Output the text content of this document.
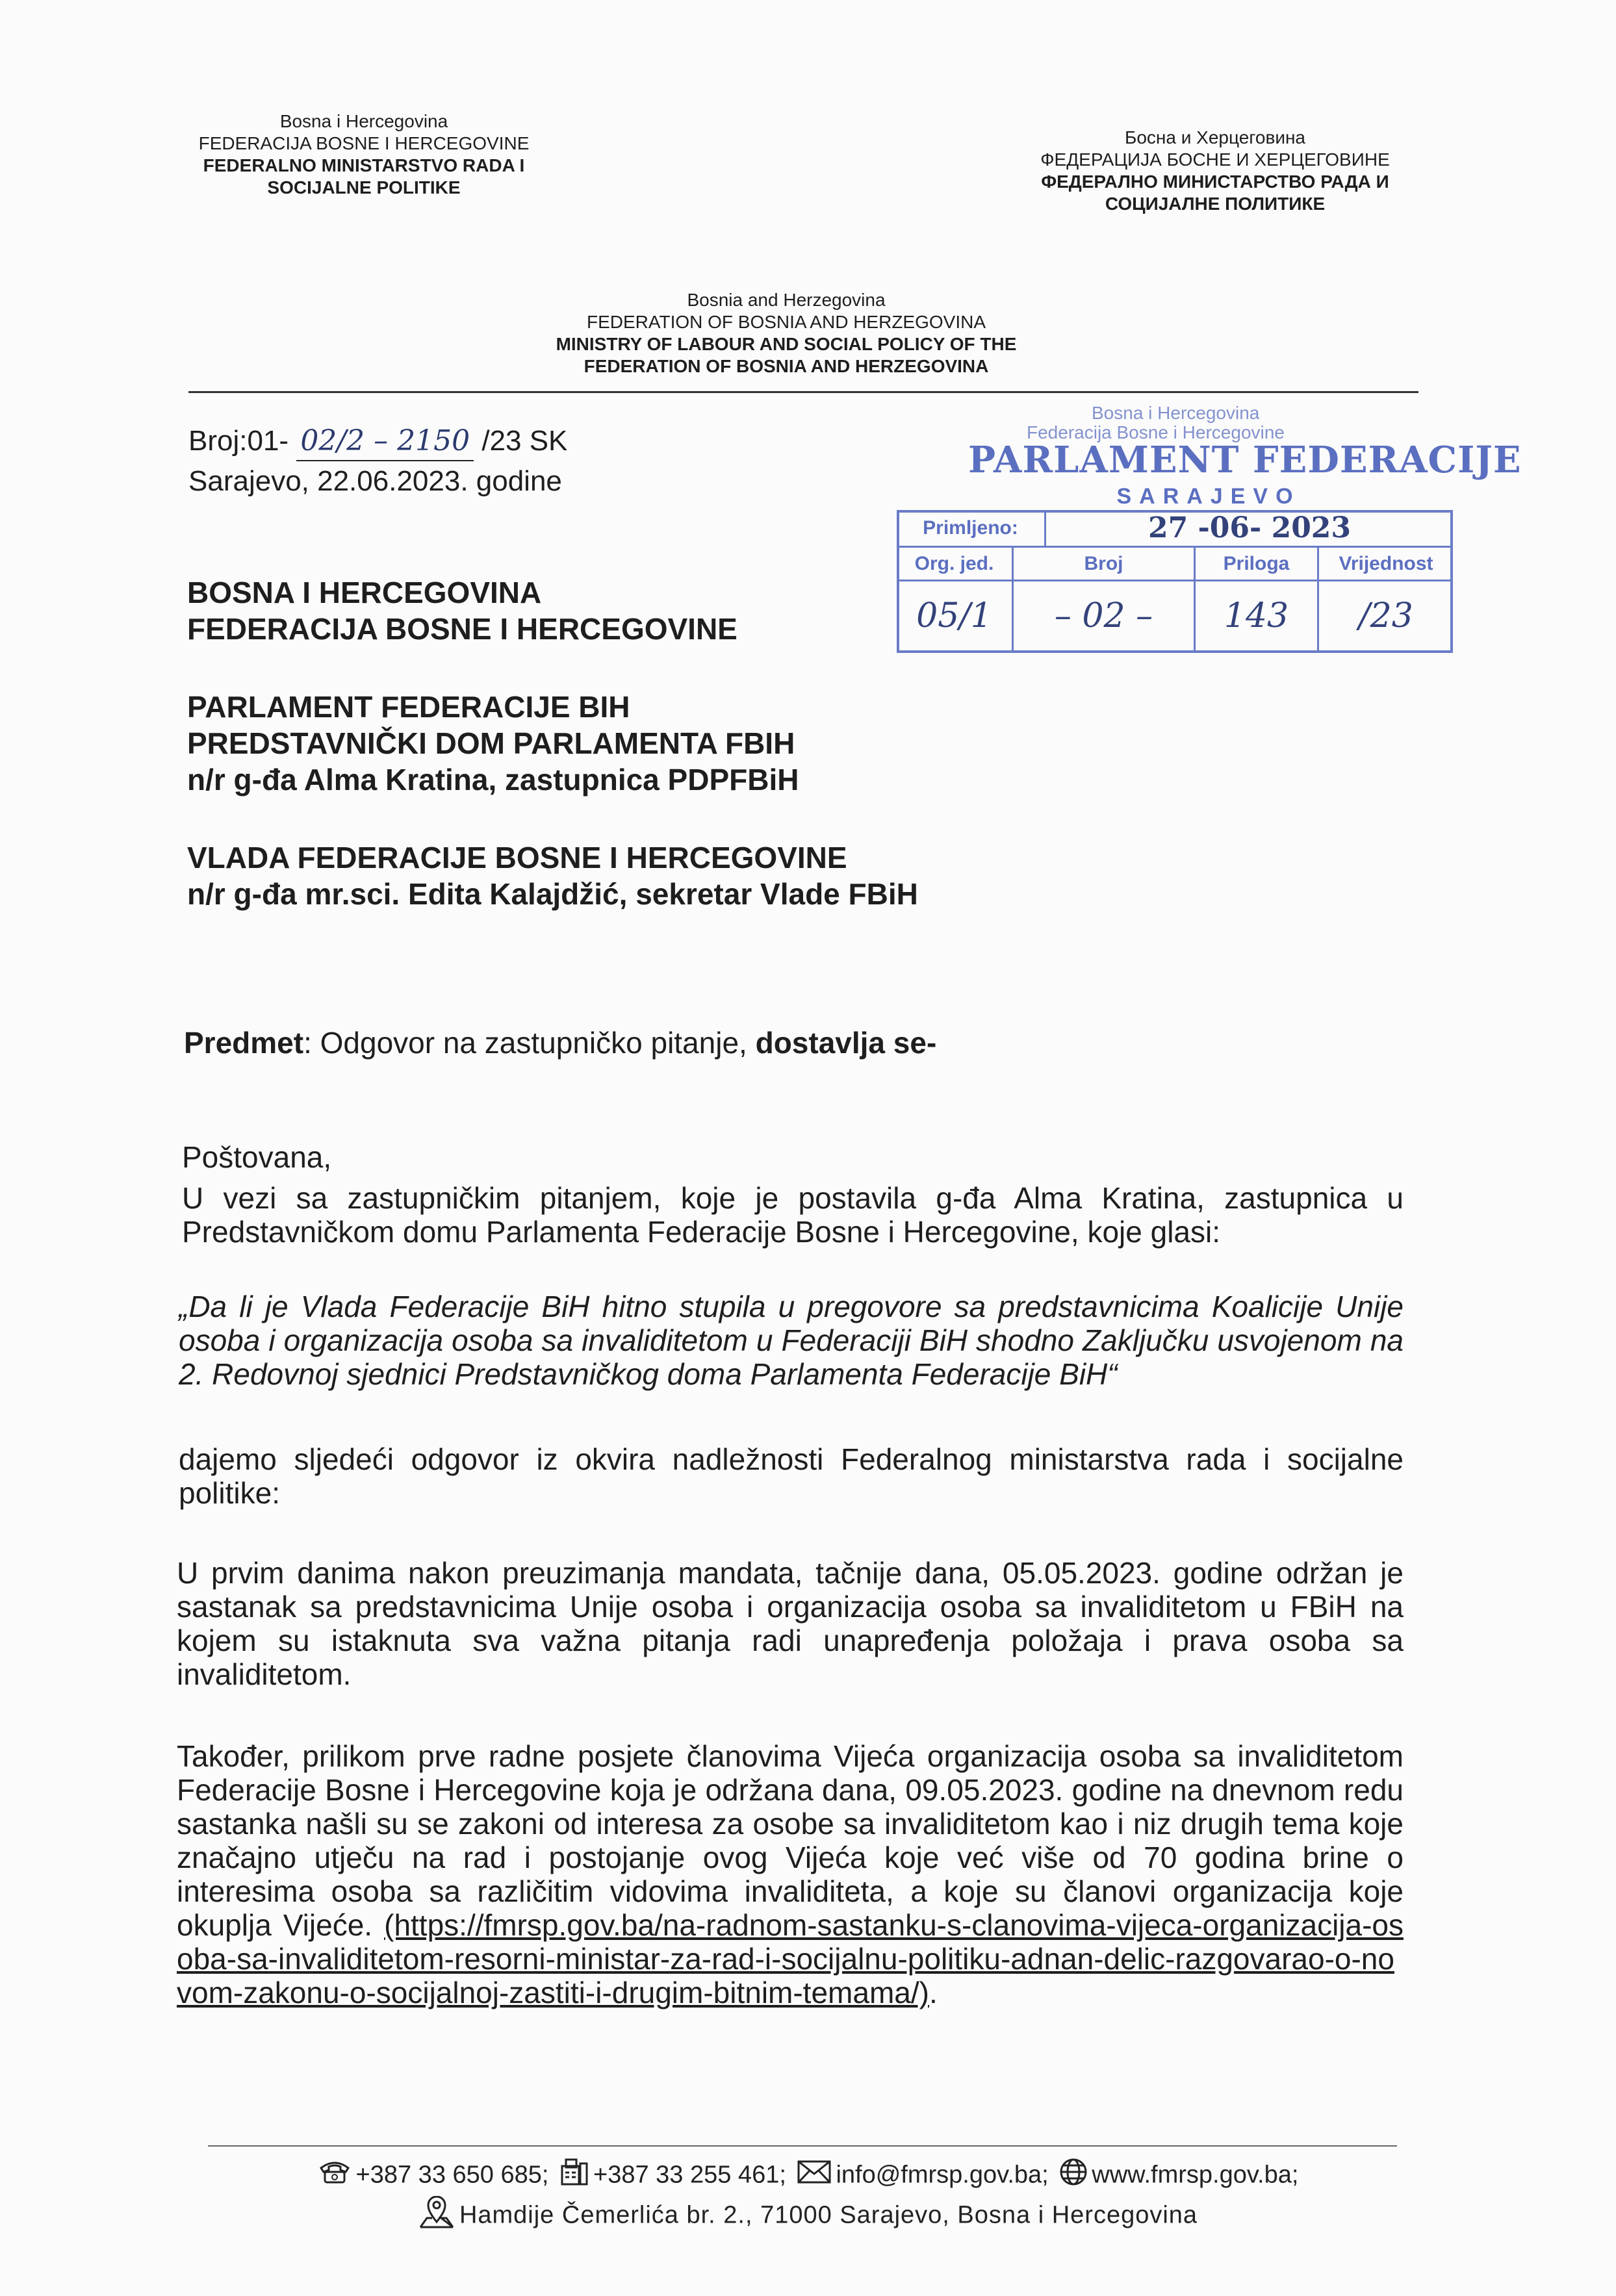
Bosna i Hercegovina
FEDERACIJA BOSNE I HERCEGOVINE
FEDERALNO MINISTARSTVO RADA I
SOCIJALNE POLITIKE
Босна и Херцеговина
ФЕДЕРАЦИЈА БОСНЕ И ХЕРЦЕГОВИНЕ
ФЕДЕРАЛНО МИНИСТАРСТВО РАДА И
СОЦИЈАЛНЕ ПОЛИТИКЕ
Bosnia and Herzegovina
FEDERATION OF BOSNIA AND HERZEGOVINA
MINISTRY OF LABOUR AND SOCIAL POLICY OF THE
FEDERATION OF BOSNIA AND HERZEGOVINA
Broj:01- 02/2 – 2150 /23 SK
Sarajevo, 22.06.2023. godine
Bosna i Hercegovina
Federacija Bosne i Hercegovine
PARLAMENT FEDERACIJE
SARAJEVO
Primljeno:	27 -06- 2023
Org. jed.	Broj	Priloga	Vrijednost
05/1	– 02 –	143	/23
BOSNA I HERCEGOVINA
FEDERACIJA BOSNE I HERCEGOVINE
PARLAMENT FEDERACIJE BIH
PREDSTAVNIČKI DOM PARLAMENTA FBIH
n/r g-đa Alma Kratina, zastupnica PDPFBiH
VLADA FEDERACIJE BOSNE I HERCEGOVINE
n/r g-đa mr.sci. Edita Kalajdžić, sekretar Vlade FBiH
Predmet: Odgovor na zastupničko pitanje, dostavlja se-
Poštovana,
U vezi sa zastupničkim pitanjem, koje je postavila g-đa Alma Kratina, zastupnica u Predstavničkom domu Parlamenta Federacije Bosne i Hercegovine, koje glasi:
„Da li je Vlada Federacije BiH hitno stupila u pregovore sa predstavnicima Koalicije Unije osoba i organizacija osoba sa invaliditetom u Federaciji BiH shodno Zaključku usvojenom na 2. Redovnoj sjednici Predstavničkog doma Parlamenta Federacije BiH“
dajemo sljedeći odgovor iz okvira nadležnosti Federalnog ministarstva rada i socijalne politike:
U prvim danima nakon preuzimanja mandata, tačnije dana, 05.05.2023. godine održan je sastanak sa predstavnicima Unije osoba i organizacija osoba sa invaliditetom u FBiH na kojem su istaknuta sva važna pitanja radi unapređenja položaja i prava osoba sa invaliditetom.
Također, prilikom prve radne posjete članovima Vijeća organizacija osoba sa invaliditetom Federacije Bosne i Hercegovine koja je održana dana, 09.05.2023. godine na dnevnom redu sastanka našli su se zakoni od interesa za osobe sa invaliditetom kao i niz drugih tema koje značajno utječu na rad i postojanje ovog Vijeća koje već više od 70 godina brine o interesima osoba sa različitim vidovima invaliditeta, a koje su članovi organizacija koje okuplja Vijeće. (https://fmrsp.gov.ba/na-radnom-sastanku-s-clanovima-vijeca-organizacija-osoba-sa-invaliditetom-resorni-ministar-za-rad-i-socijalnu-politiku-adnan-delic-razgovarao-o-novom-zakonu-o-socijalnoj-zastiti-i-drugim-bitnim-temama/).
+387 33 650 685; +387 33 255 461; info@fmrsp.gov.ba; www.fmrsp.gov.ba;
Hamdije Čemerlića br. 2., 71000 Sarajevo, Bosna i Hercegovina
